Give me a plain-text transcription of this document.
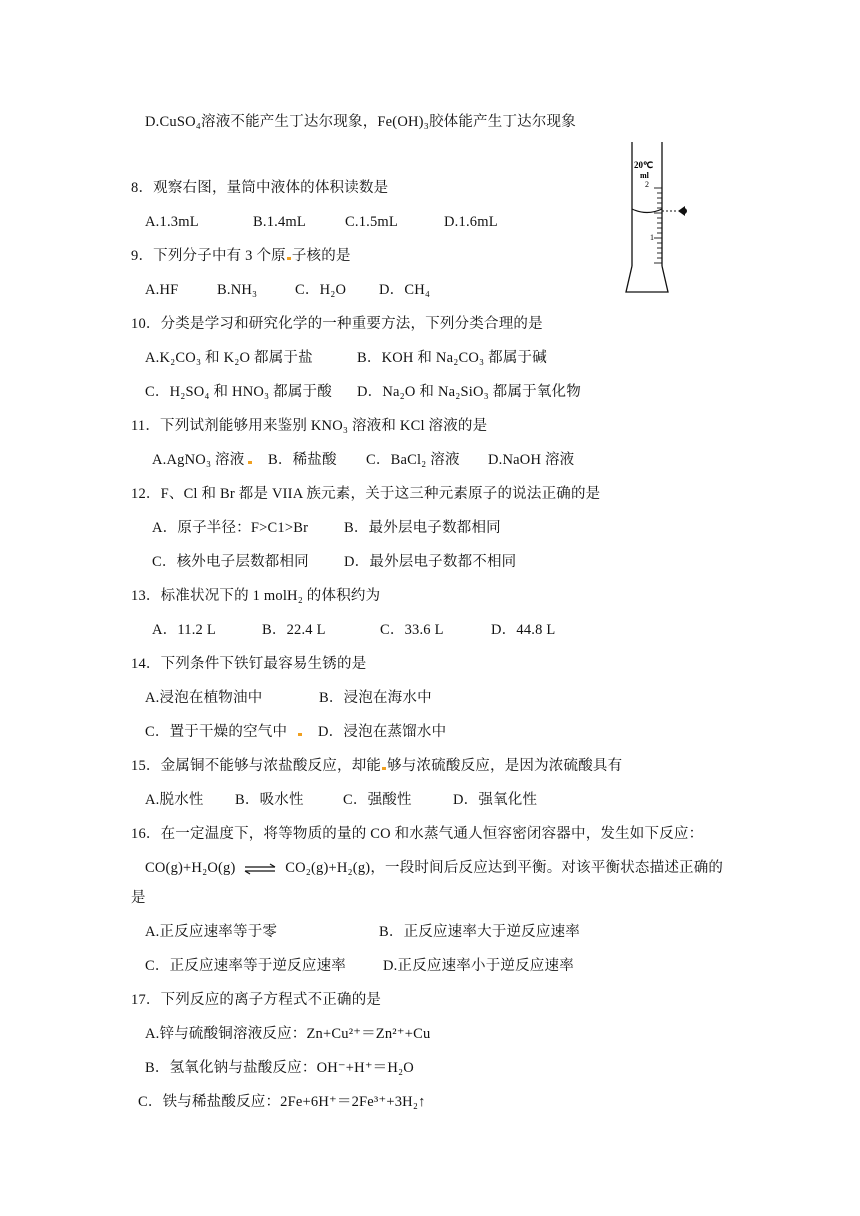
D.CuSO₄溶液不能产生丁达尔现象，Fe(OH)₃胶体能产生丁达尔现象
8．观察右图，量筒中液体的体积读数是
A.1.3mL	B.1.4mL	C.1.5mL	D.1.6mL
9．下列分子中有 3 个原 子核的是
A.HF	B.NH₃	C．H₂O D．CH₄
10．分类是学习和研究化学的一种重要方法，下列分类合理的是
A.K₂CO₃ 和 K₂O 都属于盐	B．KOH 和 Na₂CO₃ 都属于碱
C．H₂SO₄ 和 HNO₃ 都属于酸 D．Na₂O 和 Na₂SiO₃ 都属于氧化物
11．下列试剂能够用来鉴别 KNO₃ 溶液和 KCl 溶液的是
A.AgNO₃ 溶液 B．稀盐酸 C．BaCl₂ 溶液 D.NaOH 溶液
12．F、Cl 和 Br 都是 VIIA 族元素，关于这三种元素原子的说法正确的是
A．原子半径：F>C1>Br B．最外层电子数都相同
C．核外电子层数都相同 D．最外层电子数都不相同
13．标准状况下的 1 molH₂ 的体积约为
A．11.2 L	B．22.4 L	C．33.6 L	D．44.8 L
14．下列条件下铁钉最容易生锈的是
A.浸泡在植物油中	B．浸泡在海水中
C．置于干燥的空气中 D．浸泡在蒸馏水中
15．金属铜不能够与浓盐酸反应，却能 够与浓硫酸反应，是因为浓硫酸具有
A.脱水性 B．吸水性	C．强酸性	D．强氧化性
16．在一定温度下，将等物质的量的 CO 和水蒸气通人恒容密闭容器中，发生如下反应：
CO(g)+H₂O(g) ⇌ CO₂(g)+H₂(g)，一段时间后反应达到平衡。对该平衡状态描述正确的
是
A.正反应速率等于零	B．正反应速率大于逆反应速率
C．正反应速率等于逆反应速率	D.正反应速率小于逆反应速率
17．下列反应的离子方程式不正确的是
A.锌与硫酸铜溶液反应：Zn+Cu²⁺＝Zn²⁺+Cu
B．氢氧化钠与盐酸反应：OH⁻+H⁺＝H₂O
C．铁与稀盐酸反应：2Fe+6H⁺＝2Fe³⁺+3H₂↑
20℃
ml
2
1
